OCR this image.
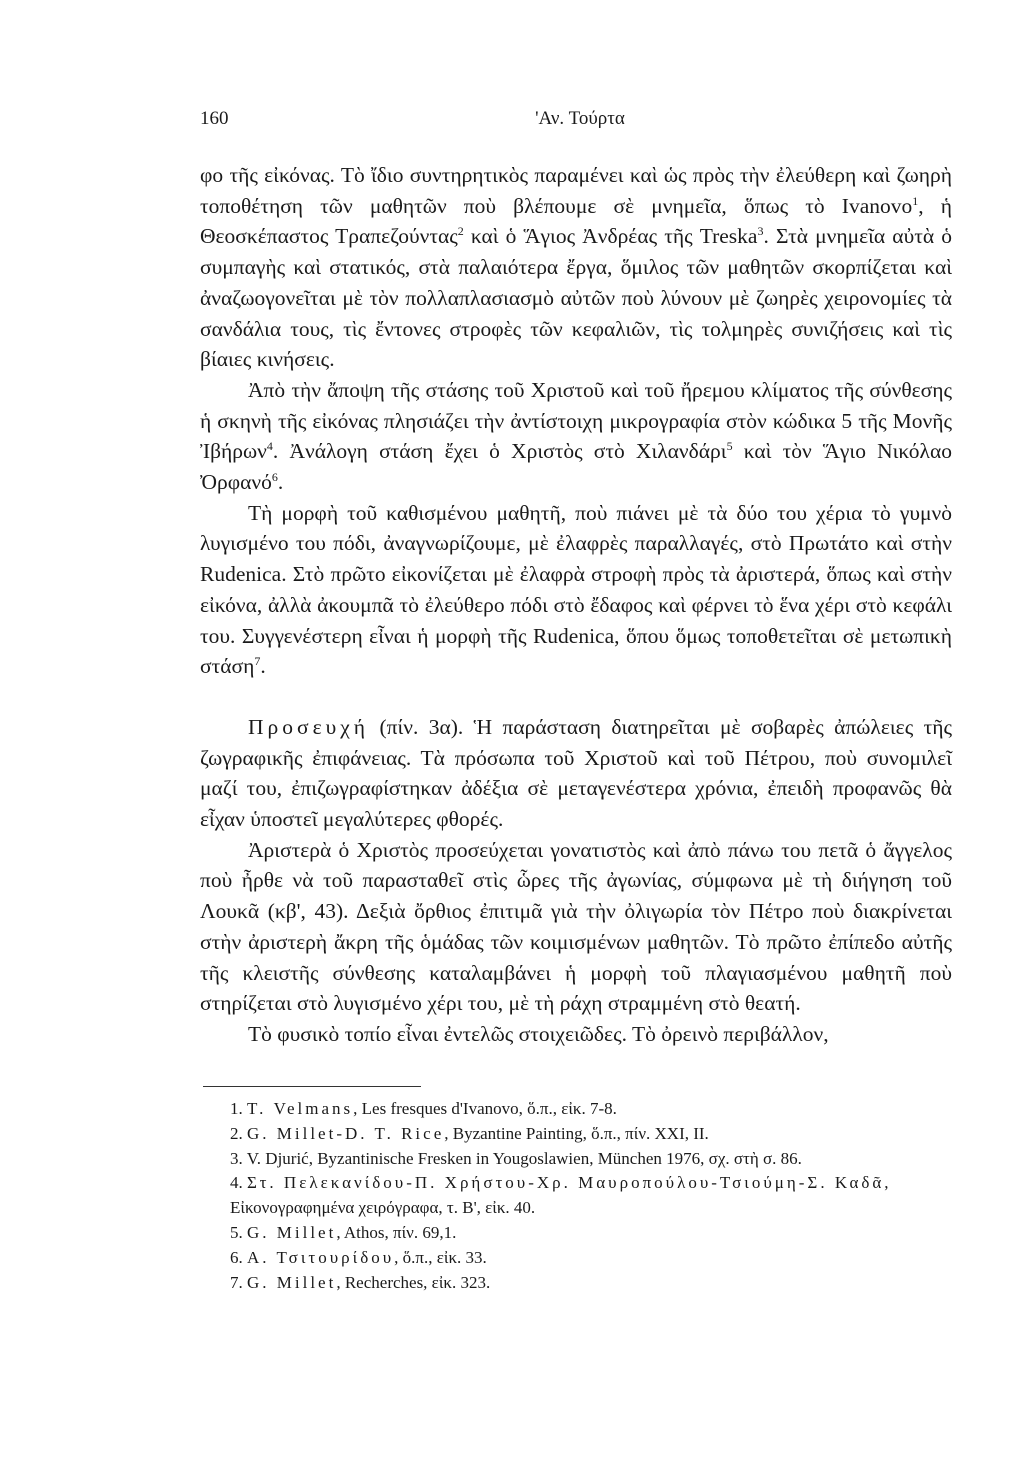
160	'Αν. Τούρτα

φο τῆς εἰκόνας. Τὸ ἴδιο συντηρητικὸς παραμένει καὶ ὡς πρὸς τὴν ἐλεύθερη καὶ ζωηρὴ τοποθέτηση τῶν μαθητῶν ποὺ βλέπουμε σὲ μνημεῖα, ὅπως τὸ Ivanovo$^1$, ἡ Θεοσκέπαστος Τραπεζούντας$^2$ καὶ ὁ Ἅγιος Ἀνδρέας τῆς Treska$^3$. Στὰ μνημεῖα αὐτὰ ὁ συμπαγὴς καὶ στατικός, στὰ παλαιότερα ἔργα, ὅμιλος τῶν μαθητῶν σκορπίζεται καὶ ἀναζωογονεῖται μὲ τὸν πολλαπλασιασμὸ αὐτῶν ποὺ λύνουν μὲ ζωηρὲς χειρονομίες τὰ σανδάλια τους, τὶς ἔντονες στροφὲς τῶν κεφαλιῶν, τὶς τολμηρὲς συνιζήσεις καὶ τὶς βίαιες κινήσεις.

Ἀπὸ τὴν ἄποψη τῆς στάσης τοῦ Χριστοῦ καὶ τοῦ ἤρεμου κλίματος τῆς σύνθεσης ἡ σκηνὴ τῆς εἰκόνας πλησιάζει τὴν ἀντίστοιχη μικρογραφία στὸν κώδικα 5 τῆς Μονῆς Ἰβήρων$^4$. Ἀνάλογη στάση ἔχει ὁ Χριστὸς στὸ Χιλανδάρι$^5$ καὶ τὸν Ἅγιο Νικόλαο Ὀρφανό$^6$.

Τὴ μορφὴ τοῦ καθισμένου μαθητῆ, ποὺ πιάνει μὲ τὰ δύο του χέρια τὸ γυμνὸ λυγισμένο του πόδι, ἀναγνωρίζουμε, μὲ ἐλαφρὲς παραλλαγές, στὸ Πρωτάτο καὶ στὴν Rudenica. Στὸ πρῶτο εἰκονίζεται μὲ ἐλαφρὰ στροφὴ πρὸς τὰ ἀριστερά, ὅπως καὶ στὴν εἰκόνα, ἀλλὰ ἀκουμπᾶ τὸ ἐλεύθερο πόδι στὸ ἔδαφος καὶ φέρνει τὸ ἕνα χέρι στὸ κεφάλι του. Συγγενέστερη εἶναι ἡ μορφὴ τῆς Rudenica, ὅπου ὅμως τοποθετεῖται σὲ μετωπικὴ στάση$^7$.

Προσευχή (πίν. 3α). Ἡ παράσταση διατηρεῖται μὲ σοβαρὲς ἀπώλειες τῆς ζωγραφικῆς ἐπιφάνειας. Τὰ πρόσωπα τοῦ Χριστοῦ καὶ τοῦ Πέτρου, ποὺ συνομιλεῖ μαζί του, ἐπιζωγραφίστηκαν ἀδέξια σὲ μεταγενέστερα χρόνια, ἐπειδὴ προφανῶς θὰ εἶχαν ὑποστεῖ μεγαλύτερες φθορές.

Ἀριστερὰ ὁ Χριστὸς προσεύχεται γονατιστὸς καὶ ἀπὸ πάνω του πετᾶ ὁ ἄγγελος ποὺ ἦρθε νὰ τοῦ παρασταθεῖ στὶς ὧρες τῆς ἀγωνίας, σύμφωνα μὲ τὴ διήγηση τοῦ Λουκᾶ (κβ', 43). Δεξιὰ ὄρθιος ἐπιτιμᾶ γιὰ τὴν ὀλιγωρία τὸν Πέτρο ποὺ διακρίνεται στὴν ἀριστερὴ ἄκρη τῆς ὁμάδας τῶν κοιμισμένων μαθητῶν. Τὸ πρῶτο ἐπίπεδο αὐτῆς τῆς κλειστῆς σύνθεσης καταλαμβάνει ἡ μορφὴ τοῦ πλαγιασμένου μαθητῆ ποὺ στηρίζεται στὸ λυγισμένο χέρι του, μὲ τὴ ράχη στραμμένη στὸ θεατή.

Τὸ φυσικὸ τοπίο εἶναι ἐντελῶς στοιχειῶδες. Τὸ ὀρεινὸ περιβάλλον,

1. Τ. Velmans, Les fresques d'Ivanovo, ὅ.π., εἰκ. 7-8.
2. G. Millet-D. T. Rice, Byzantine Painting, ὅ.π., πίν. XXI, II.
3. V. Djurić, Byzantinische Fresken in Yougoslawien, München 1976, σχ. στὴ σ. 86.
4. Στ. Πελεκανίδου-Π. Χρήστου-Χρ. Μαυροπούλου-Τσιούμη-Σ. Καδᾶ, Εἰκονογραφημένα χειρόγραφα, τ. Β', εἰκ. 40.
5. G. Millet, Athos, πίν. 69,1.
6. Α. Τσιτουρίδου, ὅ.π., εἰκ. 33.
7. G. Millet, Recherches, εἰκ. 323.
